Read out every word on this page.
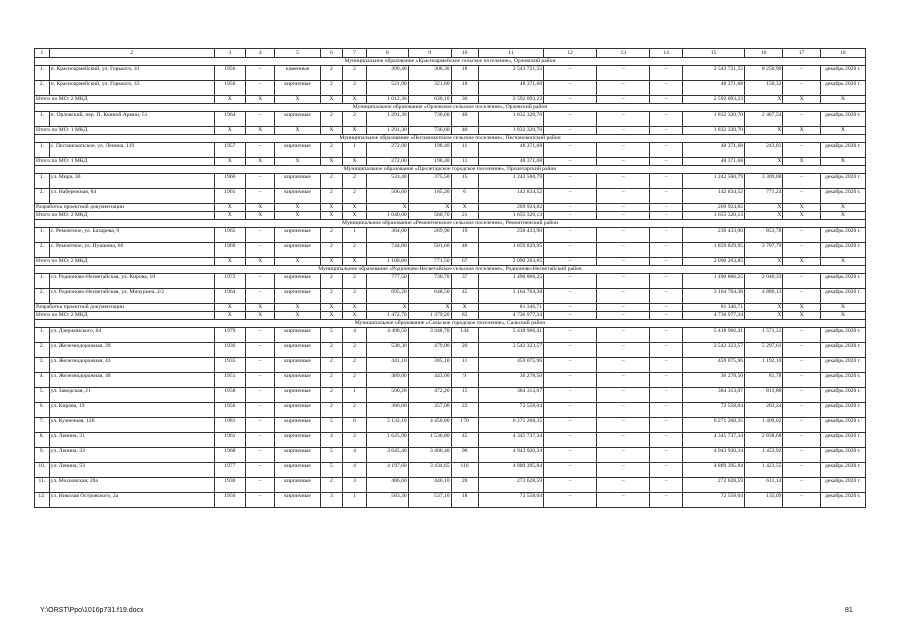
1	2	3	4	5	6	7	8	9	10	11	12	13	14	15	16	17	18
Муниципальное образование «Красноармейское сельское поселение», Орловский район																	
1.	п. Красноармейский, ул. Горького, 41	1956	–	каменные	2	2	490,40	308,30	18	2 543 721,55	–	–	–	2 543 721,55	8 250,90	–	декабрь 2020 г.
2.	п. Красноармейский, ул. Горького, 43	1956	–	кирпичные	2	2	521,90	321,80	18	48 371,68	–	–	–	48 371,68	150,32	–	декабрь 2020 г.
Итого по МО: 2 МКД		X	X	X	X	X	1 012,30	630,10	36	2 592 093,23	–	–	–	2 592 093,23	X	X	X
Муниципальное образование «Орловское сельское поселение», Орловский район																	
1.	п. Орловский, пер. П. Конной Армии, 51	1964	–	кирпичные	2	2	1 291,30	736,60	40	1 832 320,70	–	–	–	1 832 320,70	2 487,54	–	декабрь 2020 г.
Итого по МО: 1 МКД		X	X	X	X	X	1 291,30	736,60	40	1 832 320,70	–	–	–	1 832 320,70	X	X	X
Муниципальное образование «Песчанокопское сельское поселение», Песчанокопский район																	
1.	с. Песчанокопское, ул. Ленина, 119	1957	–	кирпичные	2	1	272,00	198,40	11	48 371,68	–	–	–	48 371,68	243,81	–	декабрь 2020 г.
Итого по МО: 1 МКД		X	X	X	X	X	272,00	198,40	11	48 371,68	–	–	–	48 371,68	X	X	X
Муниципальное образование «Пролетарское городское поселение», Пролетарский район																	
1.	ул. Мира, 30	1966	–	кирпичные	2	2	533,40	375,50	15	1 242 560,79	–	–	–	1 242 560,79	3 309,08	–	декабрь 2020 г.
2.	ул. Набережная, 84	1961	–	кирпичные	2	2	506,60	185,20	6	142 834,52	–	–	–	142 834,52	771,24	–	декабрь 2020 г.
Разработка проектной документации		X	X	X	X	X	X	X	X	269 924,82	–	–	–	269 924,82	X	X	X
Итого по МО: 2 МКД		X	X	X	X	X	1 040,00	560,70	21	1 655 320,13	–	–	–	1 655 320,13	X	X	X
Муниципальное образование «Ремонтненское сельское поселение», Ремонтненский район																	
1.	с. Ремонтное, ул. Бахарева, 9	1965	–	кирпичные	2	1	364,00	269,90	19	230 433,90	–	–	–	230 433,90	853,78	–	декабрь 2020 г.
2.	с. Ремонтное, ул. Пушкина, 66	1969	–	кирпичные	2	2	744,80	501,60	48	1 859 829,95	–	–	–	1 859 829,95	3 707,79	–	декабрь 2020 г.
Итого по МО: 2 МКД		X	X	X	X	X	1 108,80	771,50	67	2 090 263,85	–	–	–	2 090 263,85	X	X	X
Муниципальное образование «Родионово-Несветайское сельское поселение», Родионово-Несветайский район																	
1.	сл. Родионово-Несветайская, ул. Кирова, 10	1972	–	кирпичные	2	2	777,50	730,70	37	1 490 866,25	–	–	–	1 490 866,25	2 040,33	–	декабрь 2020 г.
2.	сл. Родионово-Несветайская, ул. Мичурина, 2/2	1964	–	кирпичные	2	2	695,20	648,50	45	3 164 764,38	–	–	–	3 164 764,38	4 880,13	–	декабрь 2020 г.
Разработка проектной документации		X	X	X	X	X	X	X	X	81 346,71	–	–	–	81 346,71	X	X	X
Итого по МО: 2 МКД		X	X	X	X	X	1 472,70	1 379,20	82	4 736 977,34	–	–	–	4 736 977,34	X	X	X
Муниципальное образование «Сальское городское поселение», Сальский район																	
1.	ул. Дзержинского, 64	1979	–	кирпичные	5	4	4 498,50	3 448,70	144	5 418 966,41	–	–	–	5 418 966,41	1 571,31	–	декабрь 2020 г.
2.	ул. Железнодорожная, 39	1936	–	кирпичные	2	2	538,30	479,00	20	2 542 323,57	–	–	–	2 542 323,57	5 297,61	–	декабрь 2020 г.
3.	ул. Железнодорожная, 43	1935	–	кирпичные	2	2	441,10	385,10	11	459 075,96	–	–	–	459 075,96	1 192,10	–	декабрь 2020 г.
4.	ул. Железнодорожная, 48	1951	–	кирпичные	2	2	489,00	443,60	9	36 278,50	–	–	–	36 278,50	81,78	–	декабрь 2020 г.
5.	ул. Заводская, 21	1958	–	кирпичные	2	1	500,20	472,20	15	384 313,07	–	–	–	384 313,07	813,88	–	декабрь 2020 г.
6.	ул. Кирова, 19	1956	–	кирпичные	2	2	386,60	357,00	22	72 558,04	–	–	–	72 558,04	203,24	–	декабрь 2020 г.
7.	ул. Кузнечная, 128	1981	–	кирпичные	5	6	5 132,10	4 450,80	170	6 271 268,35	–	–	–	6 271 268,35	1 409,02	–	декабрь 2020 г.
8.	ул. Ленина, 31	1961	–	кирпичные	4	2	1 625,90	1 530,80	45	4 345 737,34	–	–	–	4 345 737,34	2 838,68	–	декабрь 2020 г.
9.	ул. Ленина, 33	1968	–	кирпичные	5	4	3 645,40	3 400,40	90	4 943 920,34	–	–	–	4 943 920,34	1 453,92	–	декабрь 2020 г.
10.	ул. Ленина, 53	1977	–	кирпичные	5	4	4 197,60	3 434,65	116	4 889 395,84	–	–	–	4 889 395,84	1 423,55	–	декабрь 2020 г.
11.	ул. Московская, 20а	1930	–	кирпичные	2	3	486,60	446,10	20	272 628,59	–	–	–	272 628,59	611,14	–	декабрь 2020 г.
12.	ул. Николая Островского, 2а	1956	–	кирпичные	3	1	583,30	537,10	18	72 558,04	–	–	–	72 558,04	135,09	–	декабрь 2020 г.
Y:\ORST\Ppo\1016p731.f19.docx	81
